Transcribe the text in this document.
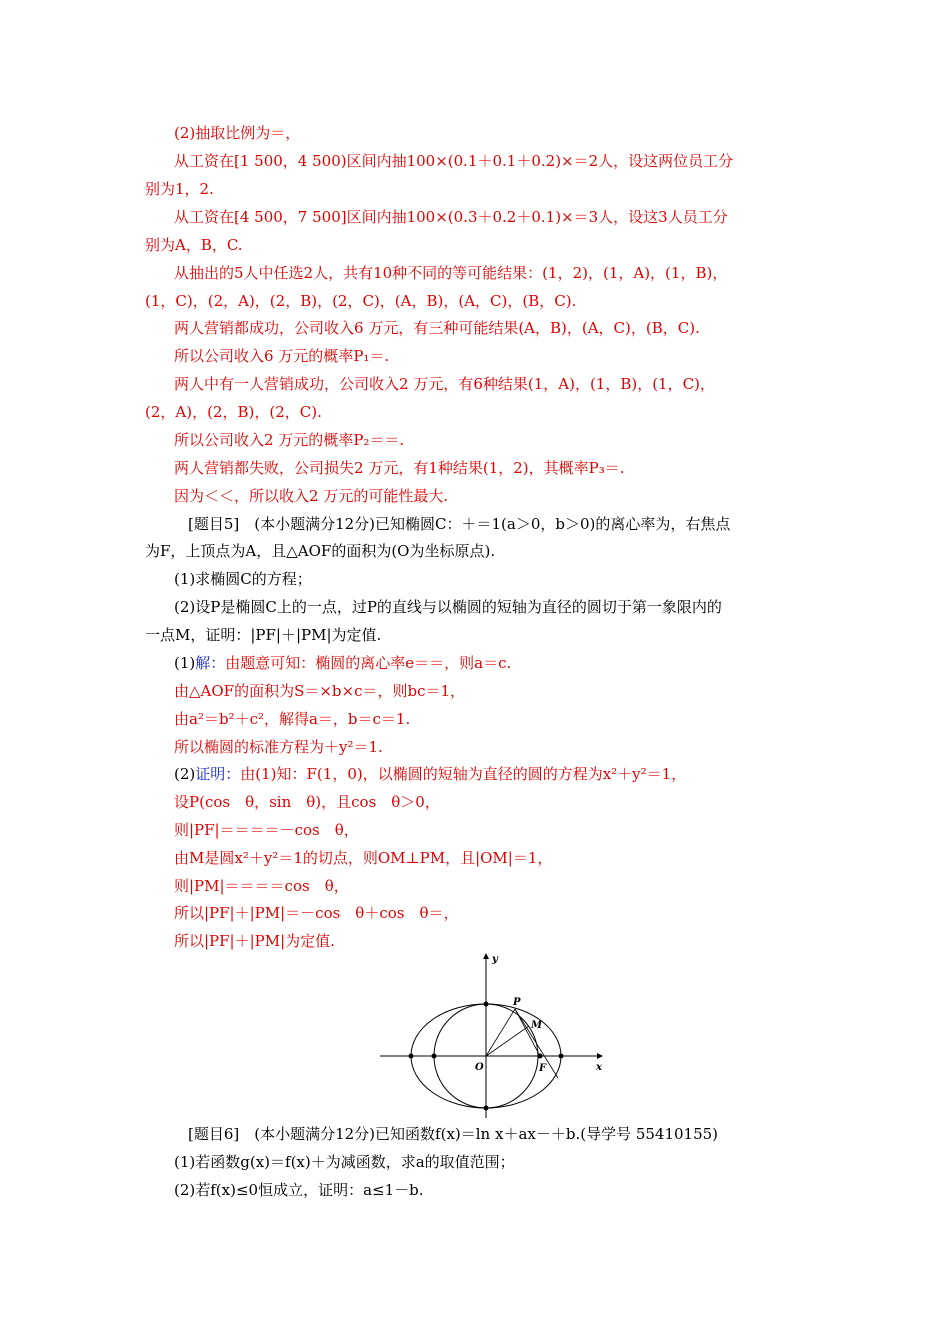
(2)抽取比例为＝，
从工资在[1 500，4 500)区间内抽100×(0.1＋0.1＋0.2)×＝2人，设这两位员工分
别为1，2.
从工资在[4 500，7 500]区间内抽100×(0.3＋0.2＋0.1)×＝3人，设这3人员工分
别为A，B，C.
从抽出的5人中任选2人，共有10种不同的等可能结果：(1，2)，(1，A)，(1，B)，
(1，C)，(2，A)，(2，B)，(2，C)，(A，B)，(A，C)，(B，C).
两人营销都成功，公司收入6 万元，有三种可能结果(A，B)，(A，C)，(B，C).
所以公司收入6 万元的概率P₁＝.
两人中有一人营销成功，公司收入2 万元，有6种结果(1，A)，(1，B)，(1，C)，
(2，A)，(2，B)，(2，C).
所以公司收入2 万元的概率P₂＝＝.
两人营销都失败，公司损失2 万元，有1种结果(1，2)，其概率P₃＝.
因为＜＜，所以收入2 万元的可能性最大.
[题目5]　(本小题满分12分)已知椭圆C：＋＝1(a＞0，b＞0)的离心率为，右焦点
为F，上顶点为A，且△AOF的面积为(O为坐标原点).
(1)求椭圆C的方程；
(2)设P是椭圆C上的一点，过P的直线与以椭圆的短轴为直径的圆切于第一象限内的
一点M，证明：|PF|＋|PM|为定值.
(1)解：由题意可知：椭圆的离心率e＝＝，则a＝c.
由△AOF的面积为S＝×b×c＝，则bc＝1，
由a²＝b²＋c²，解得a＝，b＝c＝1.
所以椭圆的标准方程为＋y²＝1.
(2)证明：由(1)知：F(1，0)，以椭圆的短轴为直径的圆的方程为x²＋y²＝1，
设P(cos　θ，sin　θ)，且cos　θ＞0，
则|PF|＝＝＝＝－cos　θ，
由M是圆x²＋y²＝1的切点，则OM⊥PM，且|OM|＝1，
则|PM|＝＝＝＝cos　θ，
所以|PF|＋|PM|＝－cos　θ＋cos　θ＝，
所以|PF|＋|PM|为定值.
y
x
O	F
P
M
[题目6]　(本小题满分12分)已知函数f(x)＝ln x＋ax－＋b.(导学号 55410155)
(1)若函数g(x)＝f(x)＋为减函数，求a的取值范围；
(2)若f(x)≤0恒成立，证明：a≤1－b.
